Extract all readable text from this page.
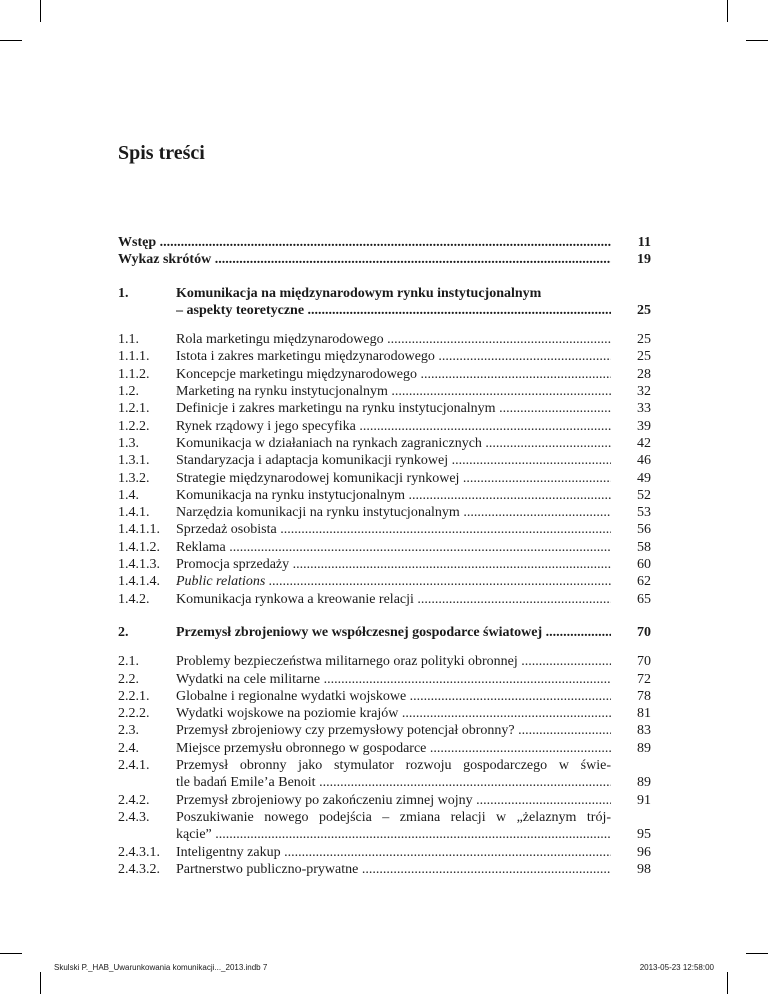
Spis treści
Wstęp .....	11
Wykaz skrótów .....	19
1.	Komunikacja na międzynarodowym rynku instytucjonalnym
– aspekty teoretyczne .....	25
1.1.	Rola marketingu międzynarodowego .....	25
1.1.1.	Istota i zakres marketingu międzynarodowego .....	25
1.1.2.	Koncepcje marketingu międzynarodowego .....	28
1.2.	Marketing na rynku instytucjonalnym .....	32
1.2.1.	Definicje i zakres marketingu na rynku instytucjonalnym .....	33
1.2.2.	Rynek rządowy i jego specyfika .....	39
1.3.	Komunikacja w działaniach na rynkach zagranicznych .....	42
1.3.1.	Standaryzacja i adaptacja komunikacji rynkowej .....	46
1.3.2.	Strategie międzynarodowej komunikacji rynkowej .....	49
1.4.	Komunikacja na rynku instytucjonalnym .....	52
1.4.1.	Narzędzia komunikacji na rynku instytucjonalnym .....	53
1.4.1.1.	Sprzedaż osobista .....	56
1.4.1.2.	Reklama .....	58
1.4.1.3.	Promocja sprzedaży .....	60
1.4.1.4.	Public relations .....	62
1.4.2.	Komunikacja rynkowa a kreowanie relacji .....	65
2.	Przemysł zbrojeniowy we współczesnej gospodarce światowej .....	70
2.1.	Problemy bezpieczeństwa militarnego oraz polityki obronnej .....	70
2.2.	Wydatki na cele militarne .....	72
2.2.1.	Globalne i regionalne wydatki wojskowe .....	78
2.2.2.	Wydatki wojskowe na poziomie krajów .....	81
2.3.	Przemysł zbrojeniowy czy przemysłowy potencjał obronny? .....	83
2.4.	Miejsce przemysłu obronnego w gospodarce .....	89
2.4.1.	Przemysł obronny jako stymulator rozwoju gospodarczego w świe-
tle badań Emile’a Benoit .....	89
2.4.2.	Przemysł zbrojeniowy po zakończeniu zimnej wojny .....	91
2.4.3.	Poszukiwanie nowego podejścia – zmiana relacji w „żelaznym trój-
kącie” .....	95
2.4.3.1.	Inteligentny zakup .....	96
2.4.3.2.	Partnerstwo publiczno-prywatne .....	98
Skulski P._HAB_Uwarunkowania komunikacji..._2013.indb 7	2013-05-23 12:58:00
